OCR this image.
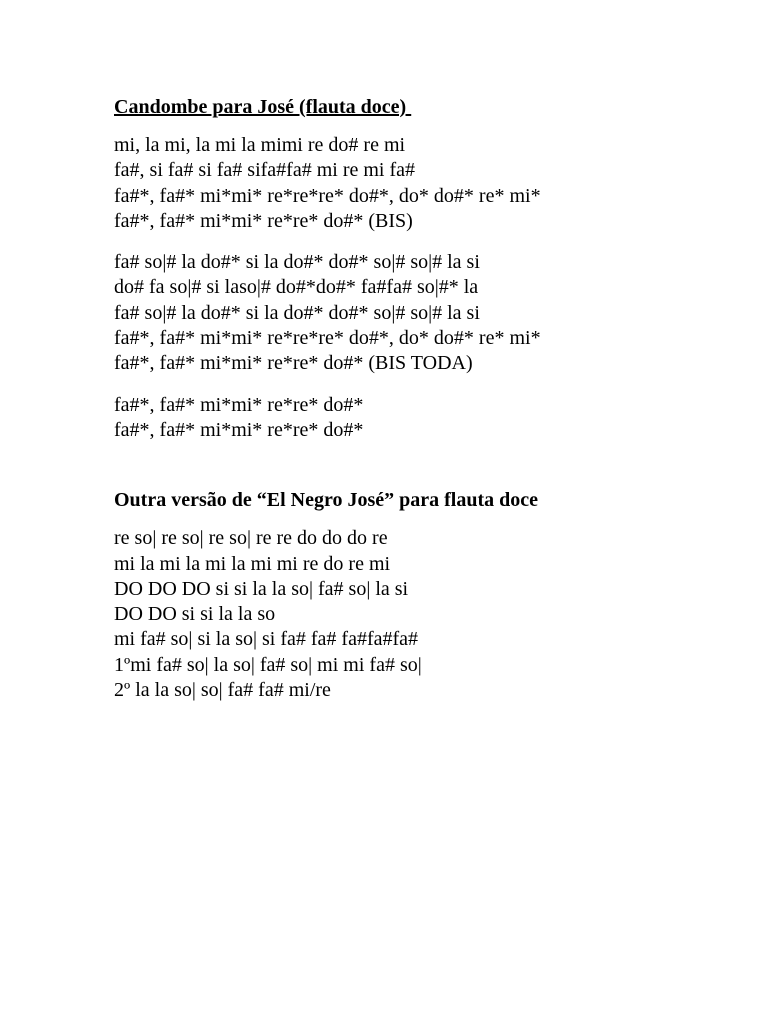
Candombe para José (flauta doce)
mi, la mi, la mi la mimi re do# re mi
fa#, si fa# si fa# sifa#fa# mi re mi fa#
fa#*, fa#* mi*mi* re*re*re* do#*, do* do#* re* mi*
fa#*, fa#* mi*mi* re*re* do#* (BIS)
fa# so|# la do#* si la do#* do#* so|# so|# la si
do# fa so|# si laso|# do#*do#* fa#fa# so|#* la
fa# so|# la do#* si la do#* do#* so|# so|# la si
fa#*, fa#* mi*mi* re*re*re* do#*, do* do#* re* mi*
fa#*, fa#* mi*mi* re*re* do#* (BIS TODA)
fa#*, fa#* mi*mi* re*re* do#*
fa#*, fa#* mi*mi* re*re* do#*
Outra versão de “El Negro José” para flauta doce
re so| re so| re so| re re do do do re
mi la mi la mi la mi mi re do re mi
DO DO DO si si la la so| fa# so| la si
DO DO si si la la so
mi fa# so| si la so| si fa# fa# fa#fa#fa#
1ºmi fa# so| la so| fa# so| mi mi fa# so|
2º la la so| so| fa# fa# mi/re
